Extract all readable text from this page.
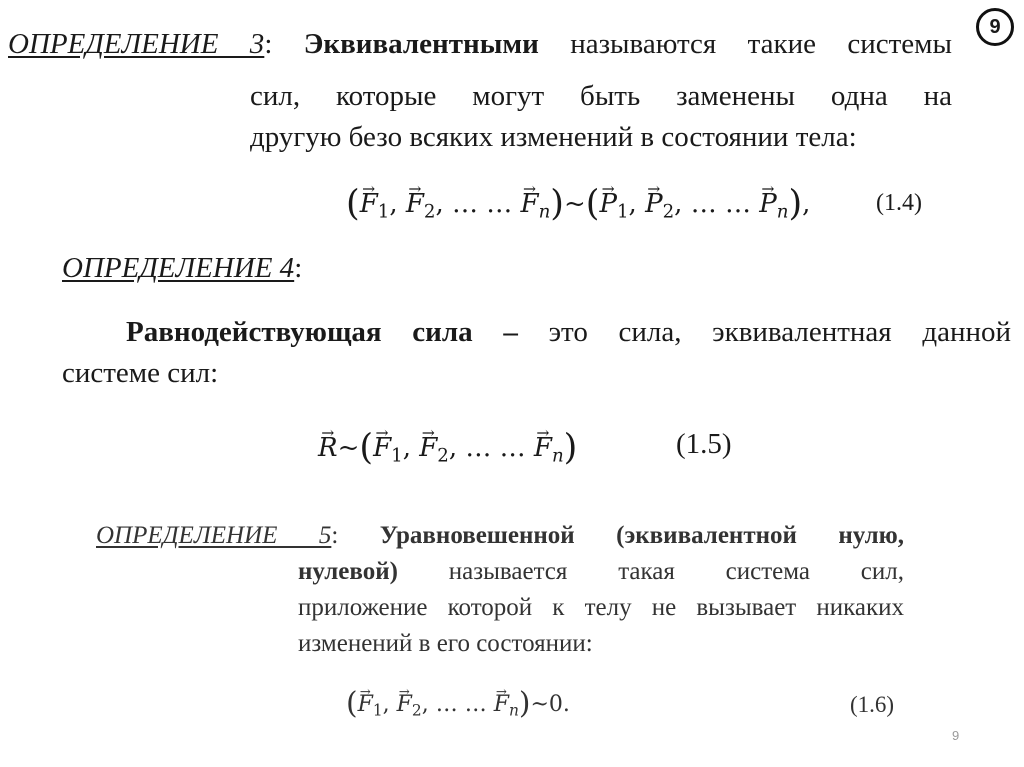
9
ОПРЕДЕЛЕНИЕ 3: Эквивалентными называются такие системы
сил, которые могут быть заменены одна на
другую безо всяких изменений в состоянии тела:
(→ $F_1$, → $F_2$, … … → $F_n)\sim(\to P_1$, → $P_2$, … … → $P_n$),	(1.4)
ОПРЕДЕЛЕНИЕ 4:
Равнодействующая сила – это сила, эквивалентная данной
системе сил:
→ R~(→ $F_1$, → $F_2$, … … → $F_n$)	(1.5)
ОПРЕДЕЛЕНИЕ 5: Уравновешенной (эквивалентной нулю,
нулевой) называется такая система сил,
приложение которой к телу не вызывает никаких
изменений в его состоянии:
(→ $F_1$, → $F_2$, … … → $F_n)\sim 0$.	(1.6)
9
